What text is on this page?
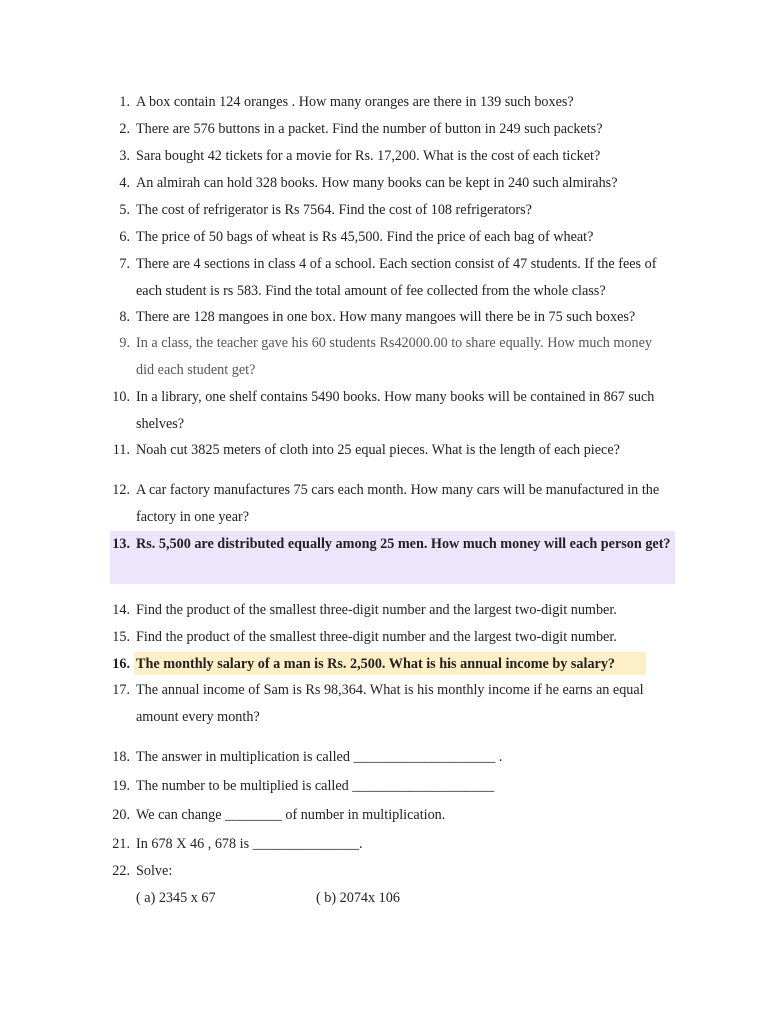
1. A box contain 124 oranges . How many oranges are there in 139 such boxes?
2. There are 576 buttons in a packet. Find the number of button in 249 such packets?
3. Sara bought 42 tickets for a movie for Rs. 17,200. What is the cost of each ticket?
4. An almirah can hold 328 books. How many books can be kept in 240 such almirahs?
5. The cost of refrigerator is Rs 7564. Find the cost of 108 refrigerators?
6. The price of 50 bags of wheat is Rs 45,500. Find the price of each bag of wheat?
7. There are 4 sections in class 4 of a school. Each section consist of 47 students. If the fees of each student is rs 583. Find the total amount of fee collected from the whole class?
8. There are 128 mangoes in one box. How many mangoes will there be in 75 such boxes?
9. In a class, the teacher gave his 60 students Rs42000.00 to share equally. How much money did each student get?
10. In a library, one shelf contains 5490 books. How many books will be contained in 867 such shelves?
11. Noah cut 3825 meters of cloth into 25 equal pieces. What is the length of each piece?
12. A car factory manufactures 75 cars each month. How many cars will be manufactured in the factory in one year?
13. Rs. 5,500 are distributed equally among 25 men. How much money will each person get?
14. Find the product of the smallest three-digit number and the largest two-digit number.
15. Find the product of the smallest three-digit number and the largest two-digit number.
16. The monthly salary of a man is Rs. 2,500. What is his annual income by salary?
17. The annual income of Sam is Rs 98,364. What is his monthly income if he earns an equal amount every month?
18. The answer in multiplication is called ____________________ .
19. The number to be multiplied is called ____________________
20. We can change ________ of number in multiplication.
21. In 678 X 46 , 678 is _______________.
22. Solve:
( a) 2345 x 67	( b) 2074x 106
